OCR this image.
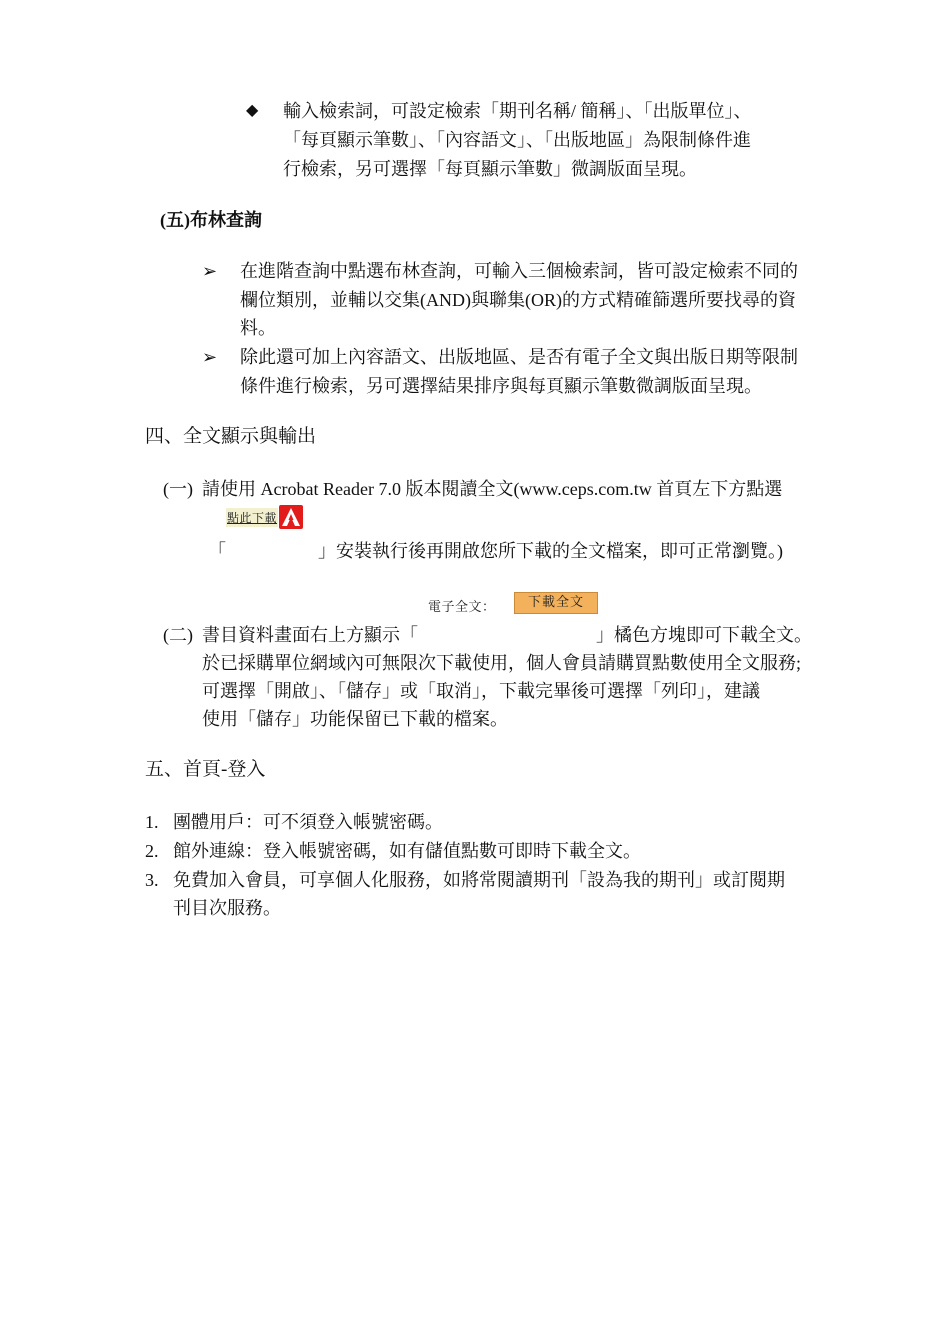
◆ 輸入檢索詞，可設定檢索「期刊名稱/ 簡稱」、「出版單位」、
「每頁顯示筆數」、「內容語文」、「出版地區」為限制條件進
行檢索，另可選擇「每頁顯示筆數」微調版面呈現。
(五)布林查詢
➢ 在進階查詢中點選布林查詢，可輸入三個檢索詞，皆可設定檢索不同的
欄位類別，並輔以交集(AND)與聯集(OR)的方式精確篩選所要找尋的資
料。
➢ 除此還可加上內容語文、出版地區、是否有電子全文與出版日期等限制
條件進行檢索，另可選擇結果排序與每頁顯示筆數微調版面呈現。
四、全文顯示與輸出
(一) 請使用 Acrobat Reader 7.0 版本閱讀全文(www.ceps.com.tw 首頁左下方點選
點此下載
「	」安裝執行後再開啟您所下載的全文檔案，即可正常瀏覽。)
電子全文：	下載全文
(二) 書目資料畫面右上方顯示「	」橘色方塊即可下載全文。
於已採購單位網域內可無限次下載使用，個人會員請購買點數使用全文服務;
可選擇「開啟」、「儲存」或「取消」，下載完畢後可選擇「列印」，建議
使用「儲存」功能保留已下載的檔案。
五、首頁-登入
1. 團體用戶：可不須登入帳號密碼。
2. 館外連線：登入帳號密碼，如有儲值點數可即時下載全文。
3. 免費加入會員，可享個人化服務，如將常閱讀期刊「設為我的期刊」或訂閱期
刊目次服務。
